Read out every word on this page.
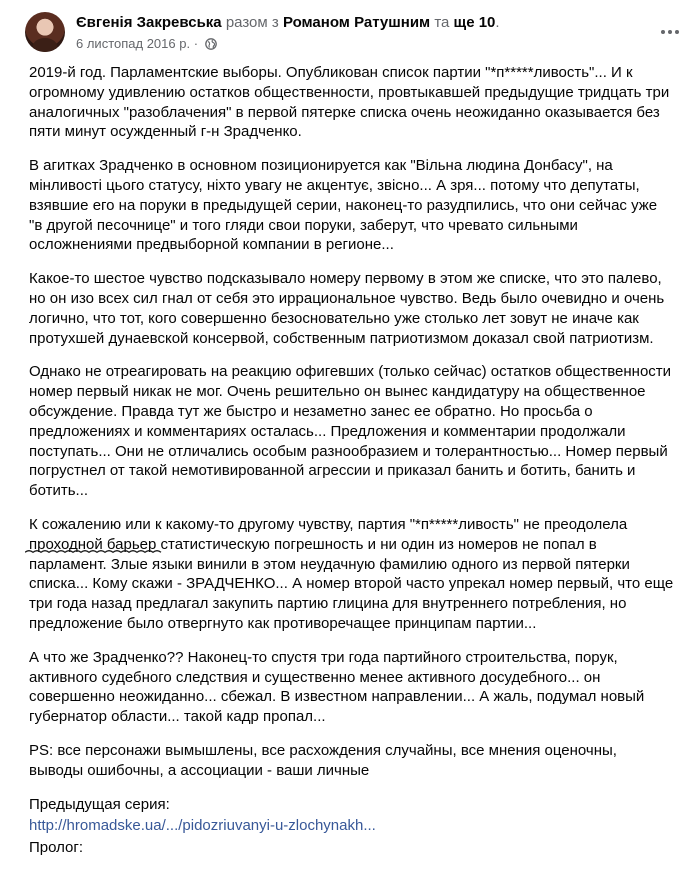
Євгенія Закревська разом з Романом Ратушним та ще 10.
6 листопад 2016 р. ·

2019-й год. Парламентские выборы. Опубликован список партии "*п*****ливость"... И к огромному удивлению остатков общественности, провтыкавшей предыдущие тридцать три аналогичных "разоблачения" в первой пятерке списка очень неожиданно оказывается без пяти минут осужденный г-н Зрадченко.

В агитках Зрадченко в основном позиционируется как "Вільна людина Донбасу", на мінливості цього статусу, ніхто увагу не акцентує, звісно... А зря... потому что депутаты, взявшие его на поруки в предыдущей серии, наконец-то разудпились, что они сейчас уже "в другой песочнице" и того гляди свои поруки, заберут, что чревато сильными осложнениями предвыборной компании в регионе...

Какое-то шестое чувство подсказывало номеру первому в этом же списке, что это палево, но он изо всех сил гнал от себя это иррациональное чувство. Ведь было очевидно и очень логично, что тот, кого совершенно безосновательно уже столько лет зовут не иначе как протухшей дунаевской консервой, собственным патриотизмом доказал свой патриотизм.

Однако не отреагировать на реакцию офигевших (только сейчас) остатков общественности номер первый никак не мог. Очень решительно он вынес кандидатуру на общественное обсуждение. Правда тут же быстро и незаметно занес ее обратно. Но просьба о предложениях и комментариях осталась... Предложения и комментарии продолжали поступать... Они не отличались особым разнообразием и толерантностью... Номер первый погрустнел от такой немотивированной агрессии и приказал банить и ботить, банить и ботить...

К сожалению или к какому-то другому чувству, партия "*п*****ливость" не преодолела проходной барьер статистическую погрешность и ни один из номеров не попал в парламент. Злые языки винили в этом неудачную фамилию одного из первой пятерки списка... Кому скажи - ЗРАДЧЕНКО... А номер второй часто упрекал номер первый, что еще три года назад предлагал закупить партию глицина для внутреннего потребления, но предложение было отвергнуто как противоречащее принципам партии...

А что же Зрадченко?? Наконец-то спустя три года партийного строительства, порук, активного судебного следствия и существенно менее активного досудебного... он совершенно неожиданно... сбежал. В известном направлении... А жаль, подумал новый губернатор области... такой кадр пропал...

PS: все персонажи вымышлены, все расхождения случайны, все мнения оценочны, выводы ошибочны, а ассоциации - ваши личные

Предыдущая серия:

http://hromadske.ua/.../pidozriuvanyi-u-zlochynakh...

Пролог:
